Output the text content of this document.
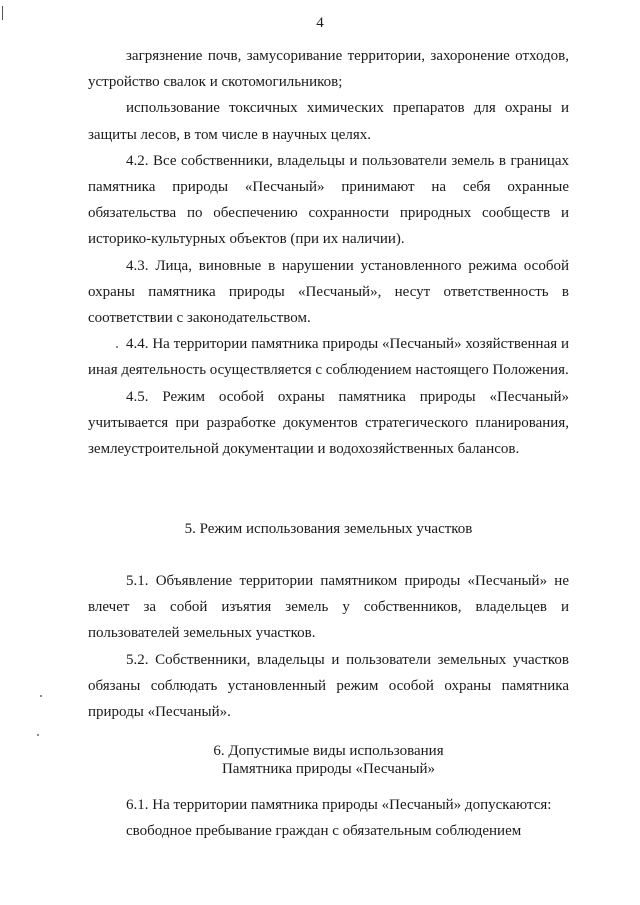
4

загрязнение почв, замусоривание территории, захоронение отходов, устройство свалок и скотомогильников;

использование токсичных химических препаратов для охраны и защиты лесов, в том числе в научных целях.

4.2. Все собственники, владельцы и пользователи земель в границах памятника природы «Песчаный» принимают на себя охранные обязательства по обеспечению сохранности природных сообществ и историко-культурных объектов (при их наличии).

4.3. Лица, виновные в нарушении установленного режима особой охраны памятника природы «Песчаный», несут ответственность в соответствии с законодательством.

4.4. На территории памятника природы «Песчаный» хозяйственная и иная деятельность осуществляется с соблюдением настоящего Положения.

4.5. Режим особой охраны памятника природы «Песчаный» учитывается при разработке документов стратегического планирования, землеустроительной документации и водохозяйственных балансов.

5. Режим использования земельных участков

5.1. Объявление территории памятником природы «Песчаный» не влечет за собой изъятия земель у собственников, владельцев и пользователей земельных участков.

5.2. Собственники, владельцы и пользователи земельных участков обязаны соблюдать установленный режим особой охраны памятника природы «Песчаный».

6. Допустимые виды использования
Памятника природы «Песчаный»

6.1. На территории памятника природы «Песчаный» допускаются:

свободное пребывание граждан с обязательным соблюдением
